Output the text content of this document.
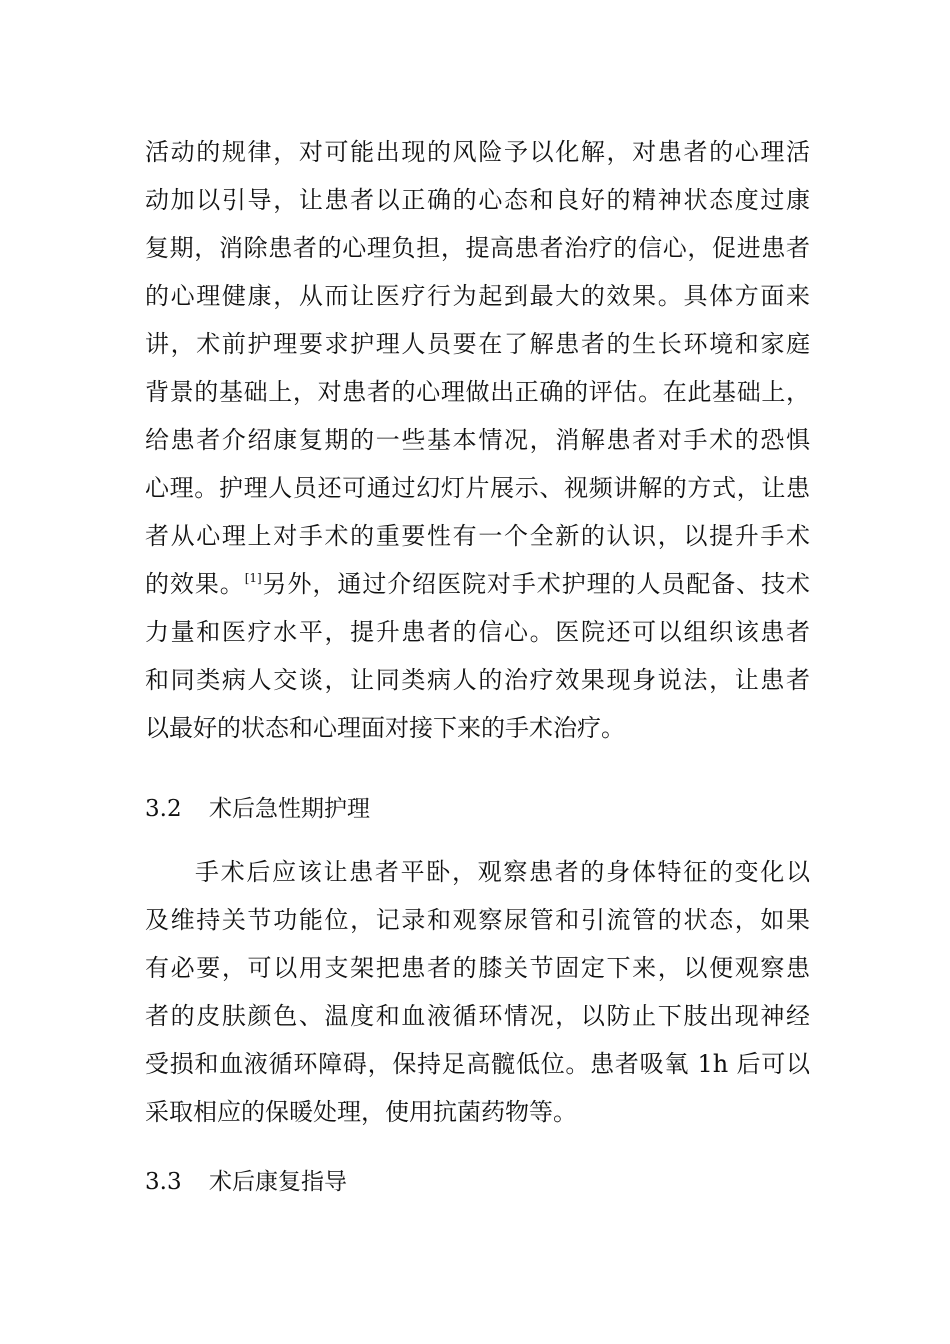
活动的规律，对可能出现的风险予以化解，对患者的心理活
动加以引导，让患者以正确的心态和良好的精神状态度过康
复期，消除患者的心理负担，提高患者治疗的信心，促进患者
的心理健康，从而让医疗行为起到最大的效果。具体方面来
讲，术前护理要求护理人员要在了解患者的生长环境和家庭
背景的基础上，对患者的心理做出正确的评估。在此基础上，
给患者介绍康复期的一些基本情况，消解患者对手术的恐惧
心理。护理人员还可通过幻灯片展示、视频讲解的方式，让患
者从心理上对手术的重要性有一个全新的认识，以提升手术
的效果。[1]另外，通过介绍医院对手术护理的人员配备、技术
力量和医疗水平，提升患者的信心。医院还可以组织该患者
和同类病人交谈，让同类病人的治疗效果现身说法，让患者
以最好的状态和心理面对接下来的手术治疗。
3.2 术后急性期护理
手术后应该让患者平卧，观察患者的身体特征的变化以
及维持关节功能位，记录和观察尿管和引流管的状态，如果
有必要，可以用支架把患者的膝关节固定下来，以便观察患
者的皮肤颜色、温度和血液循环情况，以防止下肢出现神经
受损和血液循环障碍，保持足高髋低位。患者吸氧 1h 后可以
采取相应的保暖处理，使用抗菌药物等。
3.3 术后康复指导
